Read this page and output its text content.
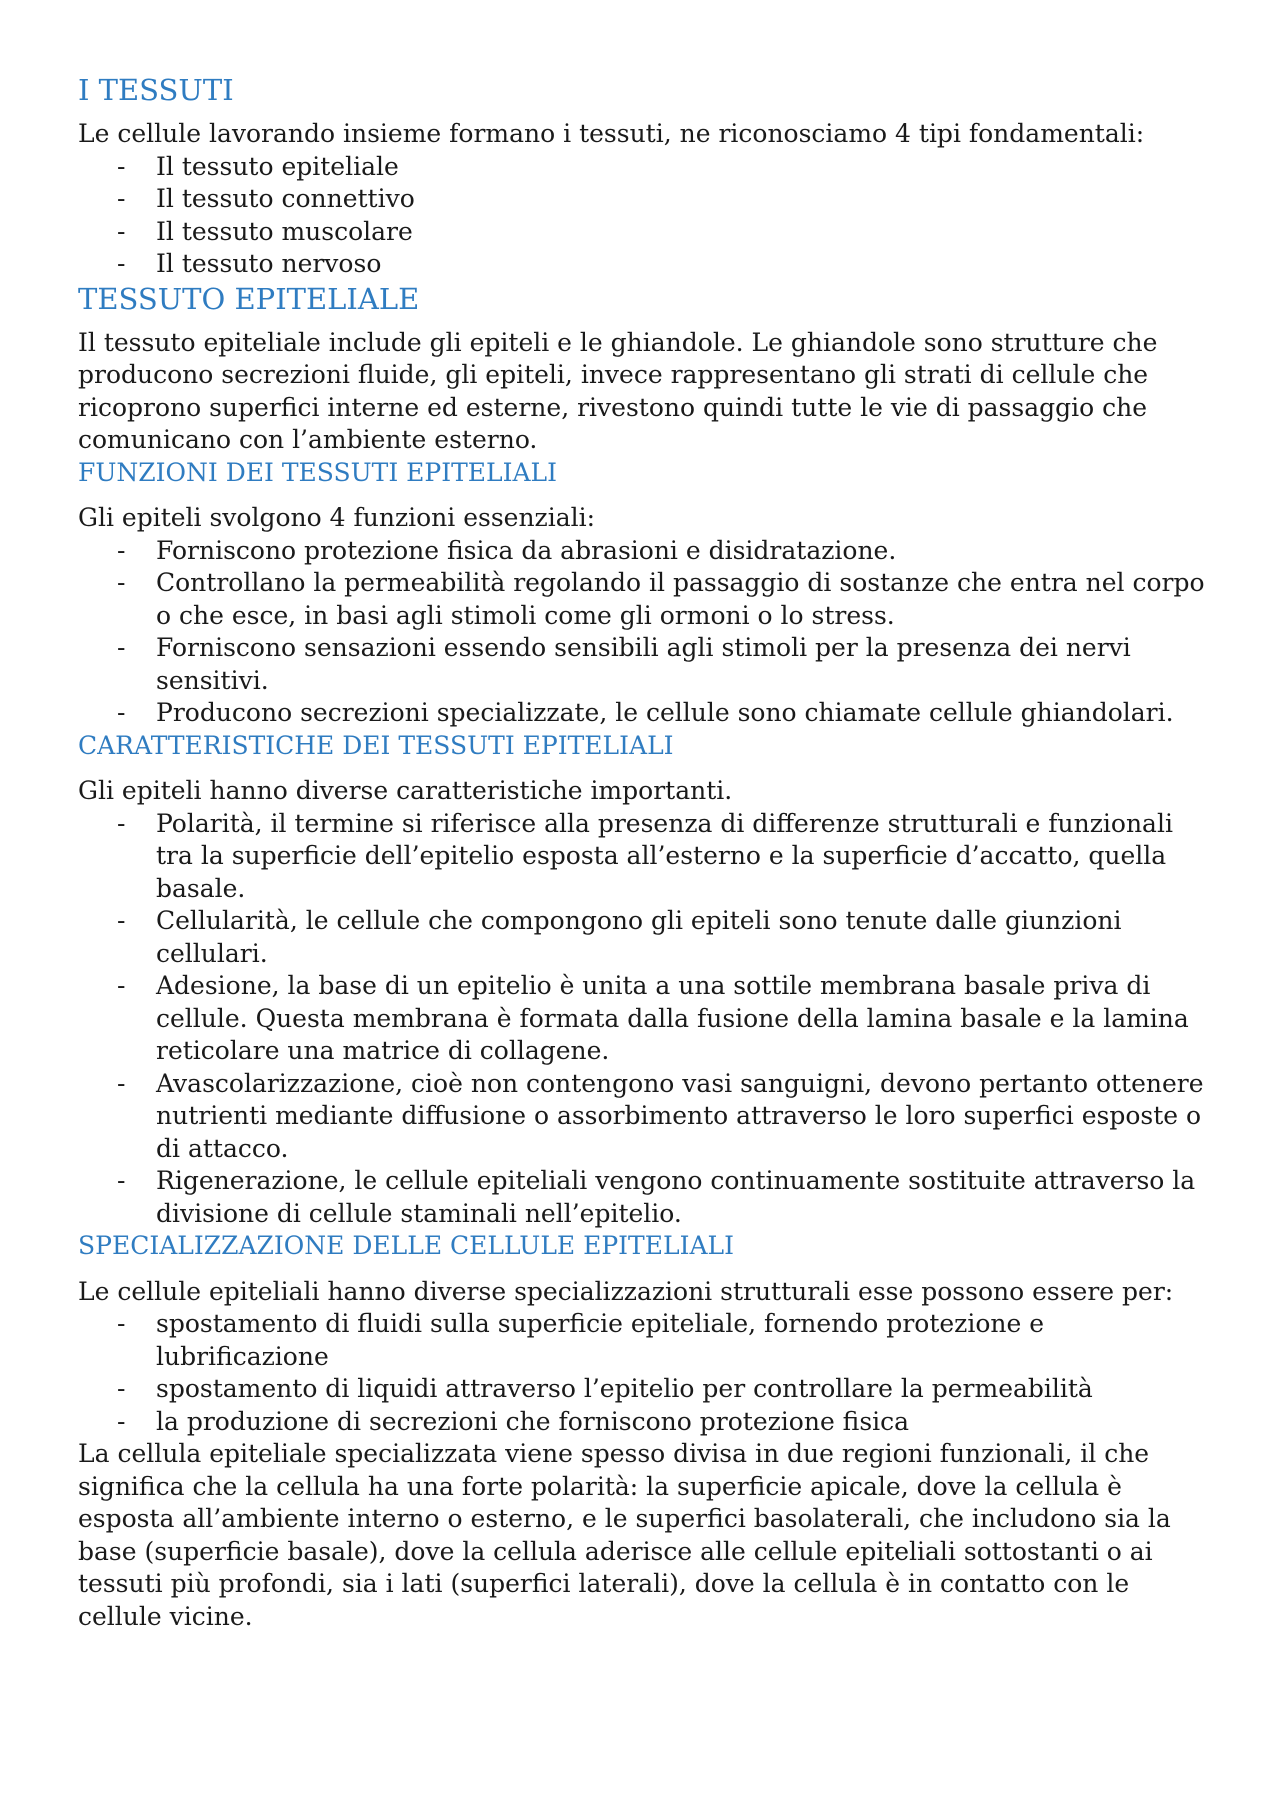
I TESSUTI

Le cellule lavorando insieme formano i tessuti, ne riconosciamo 4 tipi fondamentali:

- Il tessuto epiteliale
- Il tessuto connettivo
- Il tessuto muscolare
- Il tessuto nervoso
TESSUTO EPITELIALE

Il tessuto epiteliale include gli epiteli e le ghiandole. Le ghiandole sono strutture che producono secrezioni fluide, gli epiteli, invece rappresentano gli strati di cellule che ricoprono superfici interne ed esterne, rivestono quindi tutte le vie di passaggio che comunicano con l’ambiente esterno.

FUNZIONI DEI TESSUTI EPITELIALI

Gli epiteli svolgono 4 funzioni essenziali:

- Forniscono protezione fisica da abrasioni e disidratazione.
- Controllano la permeabilità regolando il passaggio di sostanze che entra nel corpo o che esce, in basi agli stimoli come gli ormoni o lo stress.
- Forniscono sensazioni essendo sensibili agli stimoli per la presenza dei nervi sensitivi.
- Producono secrezioni specializzate, le cellule sono chiamate cellule ghiandolari.
CARATTERISTICHE DEI TESSUTI EPITELIALI

Gli epiteli hanno diverse caratteristiche importanti.

- Polarità, il termine si riferisce alla presenza di differenze strutturali e funzionali tra la superficie dell’epitelio esposta all’esterno e la superficie d’accatto, quella basale.
- Cellularità, le cellule che compongono gli epiteli sono tenute dalle giunzioni cellulari.
- Adesione, la base di un epitelio è unita a una sottile membrana basale priva di cellule. Questa membrana è formata dalla fusione della lamina basale e la lamina reticolare una matrice di collagene.
- Avascolarizzazione, cioè non contengono vasi sanguigni, devono pertanto ottenere nutrienti mediante diffusione o assorbimento attraverso le loro superfici esposte o di attacco.
- Rigenerazione, le cellule epiteliali vengono continuamente sostituite attraverso la divisione di cellule staminali nell’epitelio.
SPECIALIZZAZIONE DELLE CELLULE EPITELIALI

Le cellule epiteliali hanno diverse specializzazioni strutturali esse possono essere per:

- spostamento di fluidi sulla superficie epiteliale, fornendo protezione e lubrificazione
- spostamento di liquidi attraverso l’epitelio per controllare la permeabilità
- la produzione di secrezioni che forniscono protezione fisica

La cellula epiteliale specializzata viene spesso divisa in due regioni funzionali, il che significa che la cellula ha una forte polarità: la superficie apicale, dove la cellula è esposta all’ambiente interno o esterno, e le superfici basolaterali, che includono sia la base (superficie basale), dove la cellula aderisce alle cellule epiteliali sottostanti o ai tessuti più profondi, sia i lati (superfici laterali), dove la cellula è in contatto con le cellule vicine.
